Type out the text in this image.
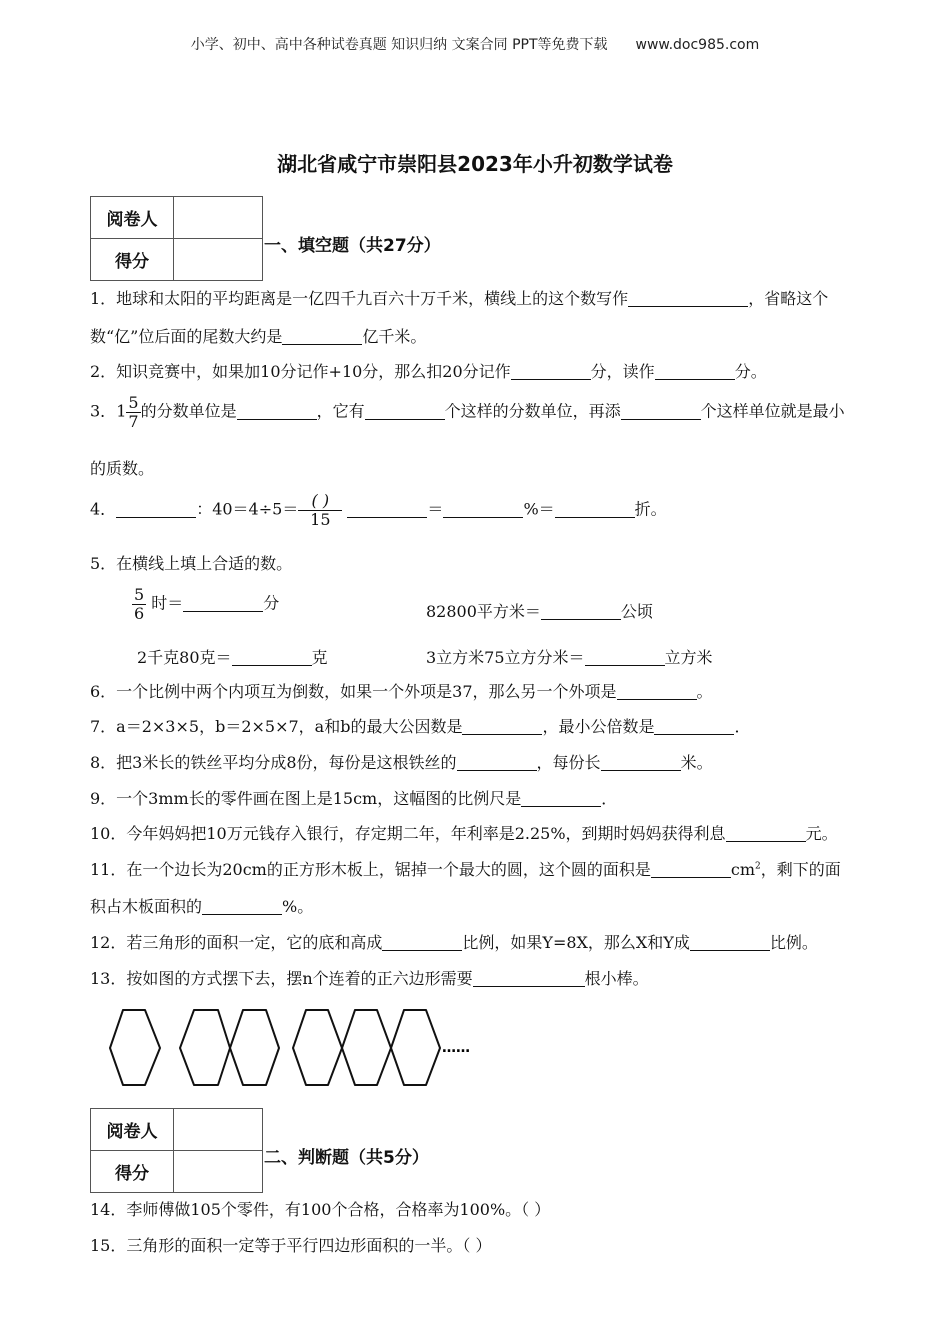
小学、初中、高中各种试卷真题 知识归纳 文案合同 PPT等免费下载 www.doc985.com
湖北省咸宁市崇阳县2023年小升初数学试卷
阅卷人	
得分	
一、填空题（共27分）
1．地球和太阳的平均距离是一亿四千九百六十万千米，横线上的这个数写作	，省略这个
数“亿”位后面的尾数大约是	亿千米。
2．知识竞赛中，如果加10分记作+10分，那么扣20分记作	分，读作	分。
3．$1 \frac{5}{7}$ 的分数单位是	，它有	个这样的分数单位，再添	个这样单位就是最小
的质数。
4．	：$40=4\div 5= \frac{( )}{15}$	＝	%＝	折。
5．在横线上填上合适的数。
$\frac{5}{6}$ 时＝	分	82800平方米＝	公顷
2千克80克＝	克	3立方米75立方分米＝	立方米
6．一个比例中两个内项互为倒数，如果一个外项是37，那么另一个外项是	。
7．a＝2×3×5，b＝2×5×7，a和b的最大公因数是	，最小公倍数是	．
8．把3米长的铁丝平均分成8份，每份是这根铁丝的	，每份长	米。
9．一个3mm长的零件画在图上是15cm，这幅图的比例尺是	．
10．今年妈妈把10万元钱存入银行，存定期二年，年利率是2.25%，到期时妈妈获得利息	元。
11．在一个边长为20cm的正方形木板上，锯掉一个最大的圆，这个圆的面积是	$cm^2$，剩下的面
积占木板面积的	%。
12．若三角形的面积一定，它的底和高成	比例，如果Y=8X，那么X和Y成	比例。
13．按如图的方式摆下去，摆n个连着的正六边形需要	根小棒。
……
阅卷人	
得分	
二、判断题（共5分）
14．李师傅做105个零件，有100个合格，合格率为100%。（ ）
15．三角形的面积一定等于平行四边形面积的一半。（ ）
